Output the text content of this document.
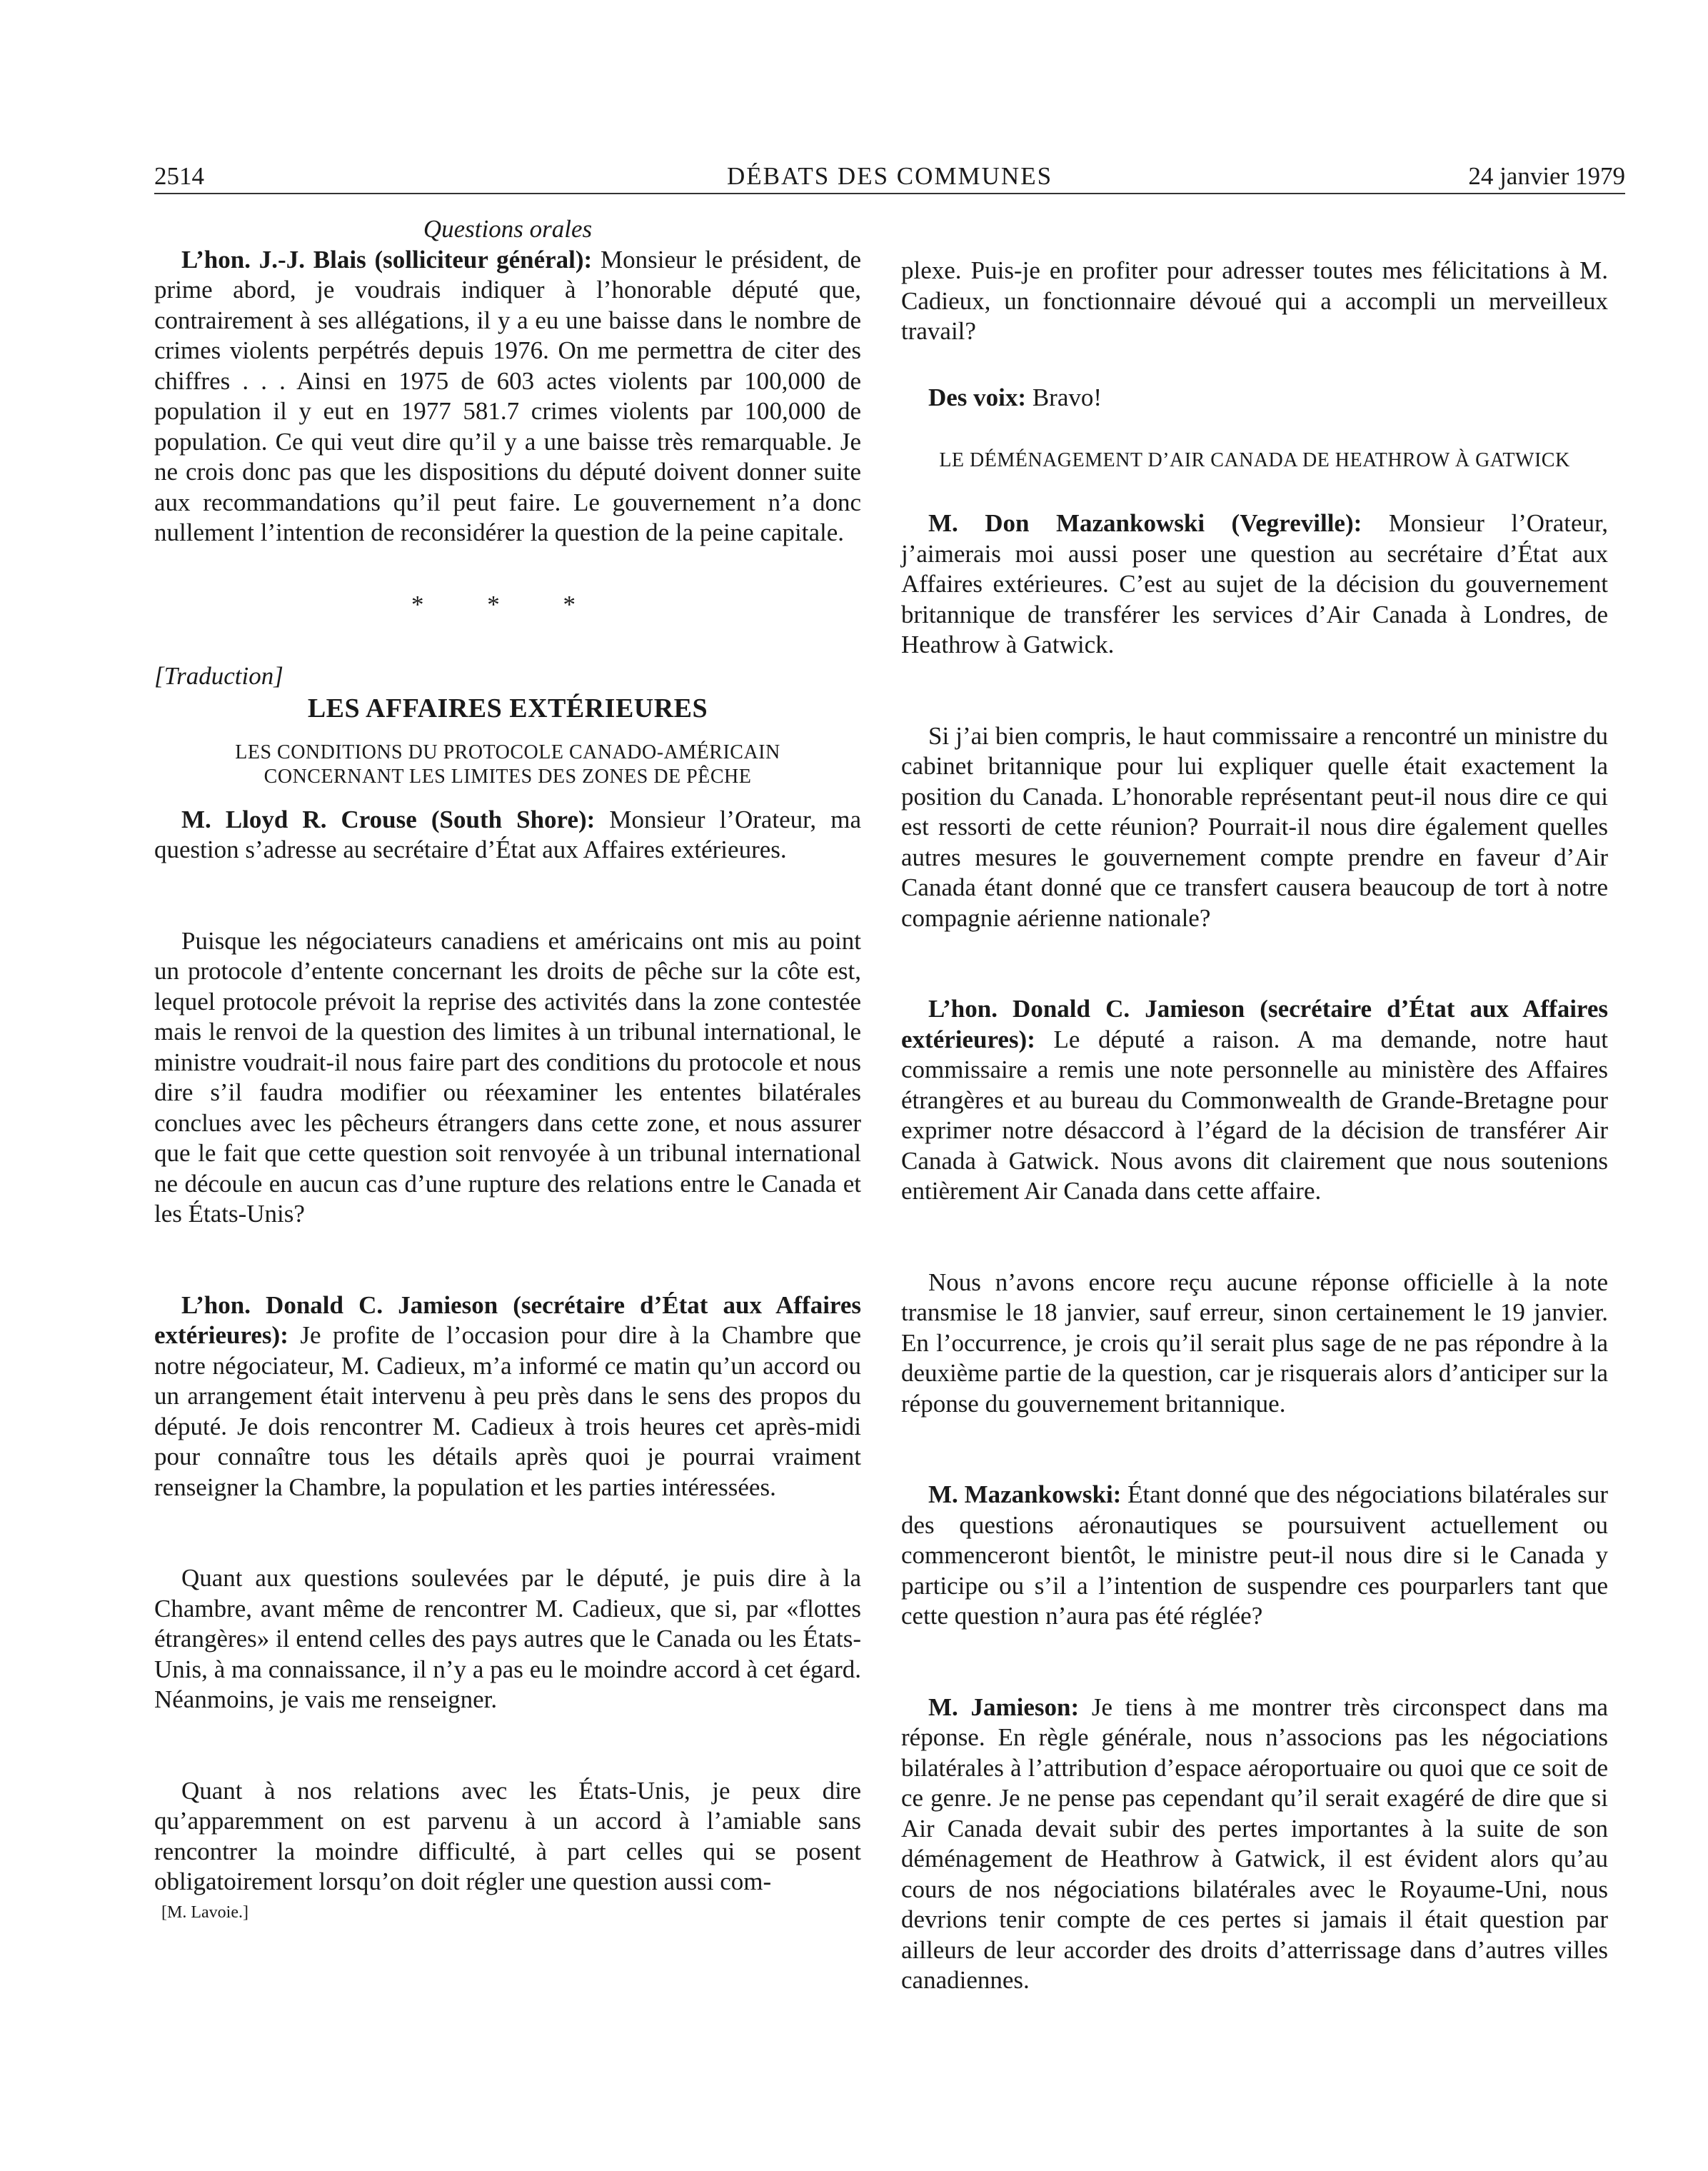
2514	DÉBATS DES COMMUNES	24 janvier 1979

Questions orales

L’hon. J.-J. Blais (solliciteur général): Monsieur le président, de prime abord, je voudrais indiquer à l’honorable député que, contrairement à ses allégations, il y a eu une baisse dans le nombre de crimes violents perpétrés depuis 1976. On me permettra de citer des chiffres . . . Ainsi en 1975 de 603 actes violents par 100,000 de population il y eut en 1977 581.7 crimes violents par 100,000 de population. Ce qui veut dire qu’il y a une baisse très remarquable. Je ne crois donc pas que les dispositions du député doivent donner suite aux recommandations qu’il peut faire. Le gouvernement n’a donc nullement l’intention de reconsidérer la question de la peine capitale.

* * *

[Traduction]

LES AFFAIRES EXTÉRIEURES

LES CONDITIONS DU PROTOCOLE CANADO-AMÉRICAIN

CONCERNANT LES LIMITES DES ZONES DE PÊCHE

M. Lloyd R. Crouse (South Shore): Monsieur l’Orateur, ma question s’adresse au secrétaire d’État aux Affaires extérieures.

Puisque les négociateurs canadiens et américains ont mis au point un protocole d’entente concernant les droits de pêche sur la côte est, lequel protocole prévoit la reprise des activités dans la zone contestée mais le renvoi de la question des limites à un tribunal international, le ministre voudrait-il nous faire part des conditions du protocole et nous dire s’il faudra modifier ou réexaminer les ententes bilatérales conclues avec les pêcheurs étrangers dans cette zone, et nous assurer que le fait que cette question soit renvoyée à un tribunal international ne découle en aucun cas d’une rupture des relations entre le Canada et les États-Unis?

L’hon. Donald C. Jamieson (secrétaire d’État aux Affaires extérieures): Je profite de l’occasion pour dire à la Chambre que notre négociateur, M. Cadieux, m’a informé ce matin qu’un accord ou un arrangement était intervenu à peu près dans le sens des propos du député. Je dois rencontrer M. Cadieux à trois heures cet après-midi pour connaître tous les détails après quoi je pourrai vraiment renseigner la Chambre, la population et les parties intéressées.

Quant aux questions soulevées par le député, je puis dire à la Chambre, avant même de rencontrer M. Cadieux, que si, par «flottes étrangères» il entend celles des pays autres que le Canada ou les États-Unis, à ma connaissance, il n’y a pas eu le moindre accord à cet égard. Néanmoins, je vais me renseigner.

Quant à nos relations avec les États-Unis, je peux dire qu’apparemment on est parvenu à un accord à l’amiable sans rencontrer la moindre difficulté, à part celles qui se posent obligatoirement lorsqu’on doit régler une question aussi com-

[M. Lavoie.]

plexe. Puis-je en profiter pour adresser toutes mes félicitations à M. Cadieux, un fonctionnaire dévoué qui a accompli un merveilleux travail?

Des voix: Bravo!

LE DÉMÉNAGEMENT D’AIR CANADA DE HEATHROW À GATWICK

M. Don Mazankowski (Vegreville): Monsieur l’Orateur, j’aimerais moi aussi poser une question au secrétaire d’État aux Affaires extérieures. C’est au sujet de la décision du gouvernement britannique de transférer les services d’Air Canada à Londres, de Heathrow à Gatwick.

Si j’ai bien compris, le haut commissaire a rencontré un ministre du cabinet britannique pour lui expliquer quelle était exactement la position du Canada. L’honorable représentant peut-il nous dire ce qui est ressorti de cette réunion? Pourrait-il nous dire également quelles autres mesures le gouvernement compte prendre en faveur d’Air Canada étant donné que ce transfert causera beaucoup de tort à notre compagnie aérienne nationale?

L’hon. Donald C. Jamieson (secrétaire d’État aux Affaires extérieures): Le député a raison. A ma demande, notre haut commissaire a remis une note personnelle au ministère des Affaires étrangères et au bureau du Commonwealth de Grande-Bretagne pour exprimer notre désaccord à l’égard de la décision de transférer Air Canada à Gatwick. Nous avons dit clairement que nous soutenions entièrement Air Canada dans cette affaire.

Nous n’avons encore reçu aucune réponse officielle à la note transmise le 18 janvier, sauf erreur, sinon certainement le 19 janvier. En l’occurrence, je crois qu’il serait plus sage de ne pas répondre à la deuxième partie de la question, car je risquerais alors d’anticiper sur la réponse du gouvernement britannique.

M. Mazankowski: Étant donné que des négociations bilatérales sur des questions aéronautiques se poursuivent actuellement ou commenceront bientôt, le ministre peut-il nous dire si le Canada y participe ou s’il a l’intention de suspendre ces pourparlers tant que cette question n’aura pas été réglée?

M. Jamieson: Je tiens à me montrer très circonspect dans ma réponse. En règle générale, nous n’associons pas les négociations bilatérales à l’attribution d’espace aéroportuaire ou quoi que ce soit de ce genre. Je ne pense pas cependant qu’il serait exagéré de dire que si Air Canada devait subir des pertes importantes à la suite de son déménagement de Heathrow à Gatwick, il est évident alors qu’au cours de nos négociations bilatérales avec le Royaume-Uni, nous devrions tenir compte de ces pertes si jamais il était question par ailleurs de leur accorder des droits d’atterrissage dans d’autres villes canadiennes.
